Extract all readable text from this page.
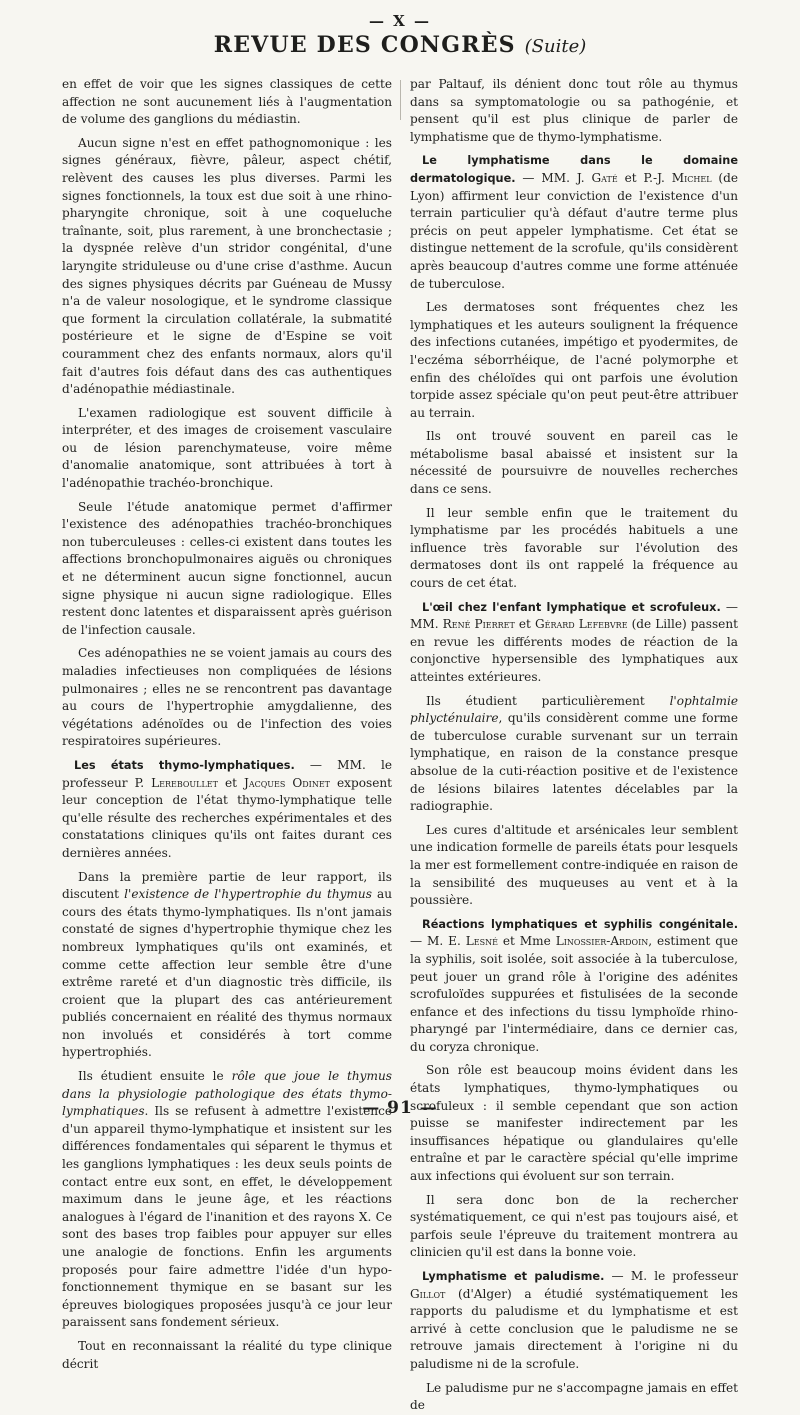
— X —
REVUE DES CONGRÈS (Suite)

en effet de voir que les signes classiques de cette affection ne sont aucunement liés à l'augmentation de volume des ganglions du médiastin.

Aucun signe n'est en effet pathognomonique : les signes généraux, fièvre, pâleur, aspect chétif, relèvent des causes les plus diverses. Parmi les signes fonctionnels, la toux est due soit à une rhino-pharyngite chronique, soit à une coqueluche traînante, soit, plus rarement, à une bronchectasie ; la dyspnée relève d'un stridor congénital, d'une laryngite striduleuse ou d'une crise d'asthme. Aucun des signes physiques décrits par Guéneau de Mussy n'a de valeur nosologique, et le syndrome classique que forment la circulation collatérale, la submatité postérieure et le signe de d'Espine se voit couramment chez des enfants normaux, alors qu'il fait d'autres fois défaut dans des cas authentiques d'adénopathie médiastinale.

L'examen radiologique est souvent difficile à interpréter, et des images de croisement vasculaire ou de lésion parenchymateuse, voire même d'anomalie anatomique, sont attribuées à tort à l'adénopathie trachéo-bronchique.

Seule l'étude anatomique permet d'affirmer l'existence des adénopathies trachéo-bronchiques non tuberculeuses : celles-ci existent dans toutes les affections bronchopulmonaires aiguës ou chroniques et ne déterminent aucun signe fonctionnel, aucun signe physique ni aucun signe radiologique. Elles restent donc latentes et disparaissent après guérison de l'infection causale.

Ces adénopathies ne se voient jamais au cours des maladies infectieuses non compliquées de lésions pulmonaires ; elles ne se rencontrent pas davantage au cours de l'hypertrophie amygdalienne, des végétations adénoïdes ou de l'infection des voies respiratoires supérieures.

Les états thymo-lymphatiques. — MM. le professeur P. Lereboullet et Jacques Odinet exposent leur conception de l'état thymo-lymphatique telle qu'elle résulte des recherches expérimentales et des constatations cliniques qu'ils ont faites durant ces dernières années.

Dans la première partie de leur rapport, ils discutent l'existence de l'hypertrophie du thymus au cours des états thymo-lymphatiques. Ils n'ont jamais constaté de signes d'hypertrophie thymique chez les nombreux lymphatiques qu'ils ont examinés, et comme cette affection leur semble être d'une extrême rareté et d'un diagnostic très difficile, ils croient que la plupart des cas antérieurement publiés concernaient en réalité des thymus normaux non involués et considérés à tort comme hypertrophiés.

Ils étudient ensuite le rôle que joue le thymus dans la physiologie pathologique des états thymo-lymphatiques. Ils se refusent à admettre l'existence d'un appareil thymo-lymphatique et insistent sur les différences fondamentales qui séparent le thymus et les ganglions lymphatiques : les deux seuls points de contact entre eux sont, en effet, le développement maximum dans le jeune âge, et les réactions analogues à l'égard de l'inanition et des rayons X. Ce sont des bases trop faibles pour appuyer sur elles une analogie de fonctions. Enfin les arguments proposés pour faire admettre l'idée d'un hypo-fonctionnement thymique en se basant sur les épreuves biologiques proposées jusqu'à ce jour leur paraissent sans fondement sérieux.

Tout en reconnaissant la réalité du type clinique décrit

par Paltauf, ils dénient donc tout rôle au thymus dans sa symptomatologie ou sa pathogénie, et pensent qu'il est plus clinique de parler de lymphatisme que de thymo-lymphatisme.

Le lymphatisme dans le domaine dermatologique. — MM. J. Gaté et P.-J. Michel (de Lyon) affirment leur conviction de l'existence d'un terrain particulier qu'à défaut d'autre terme plus précis on peut appeler lymphatisme. Cet état se distingue nettement de la scrofule, qu'ils considèrent après beaucoup d'autres comme une forme atténuée de tuberculose.

Les dermatoses sont fréquentes chez les lymphatiques et les auteurs soulignent la fréquence des infections cutanées, impétigo et pyodermites, de l'eczéma séborrhéique, de l'acné polymorphe et enfin des chéloïdes qui ont parfois une évolution torpide assez spéciale qu'on peut peut-être attribuer au terrain.

Ils ont trouvé souvent en pareil cas le métabolisme basal abaissé et insistent sur la nécessité de poursuivre de nouvelles recherches dans ce sens.

Il leur semble enfin que le traitement du lymphatisme par les procédés habituels a une influence très favorable sur l'évolution des dermatoses dont ils ont rappelé la fréquence au cours de cet état.

L'œil chez l'enfant lymphatique et scrofuleux. — MM. René Pierret et Gérard Lefebvre (de Lille) passent en revue les différents modes de réaction de la conjonctive hypersensible des lymphatiques aux atteintes extérieures.

Ils étudient particulièrement l'ophtalmie phlycténulaire, qu'ils considèrent comme une forme de tuberculose curable survenant sur un terrain lymphatique, en raison de la constance presque absolue de la cuti-réaction positive et de l'existence de lésions bilaires latentes décelables par la radiographie.

Les cures d'altitude et arsénicales leur semblent une indication formelle de pareils états pour lesquels la mer est formellement contre-indiquée en raison de la sensibilité des muqueuses au vent et à la poussière.

Réactions lymphatiques et syphilis congénitale. — M. E. Lesné et Mme Linossier-Ardoin, estiment que la syphilis, soit isolée, soit associée à la tuberculose, peut jouer un grand rôle à l'origine des adénites scrofuloïdes suppurées et fistulisées de la seconde enfance et des infections du tissu lymphoïde rhino-pharyngé par l'intermédiaire, dans ce dernier cas, du coryza chronique.

Son rôle est beaucoup moins évident dans les états lymphatiques, thymo-lymphatiques ou scrofuleux : il semble cependant que son action puisse se manifester indirectement par les insuffisances hépatique ou glandulaires qu'elle entraîne et par le caractère spécial qu'elle imprime aux infections qui évoluent sur son terrain.

Il sera donc bon de la rechercher systématiquement, ce qui n'est pas toujours aisé, et parfois seule l'épreuve du traitement montrera au clinicien qu'il est dans la bonne voie.

Lymphatisme et paludisme. — M. le professeur Gillot (d'Alger) a étudié systématiquement les rapports du paludisme et du lymphatisme et est arrivé à cette conclusion que le paludisme ne se retrouve jamais directement à l'origine ni du paludisme ni de la scrofule.

Le paludisme pur ne s'accompagne jamais en effet de

— 91 —
